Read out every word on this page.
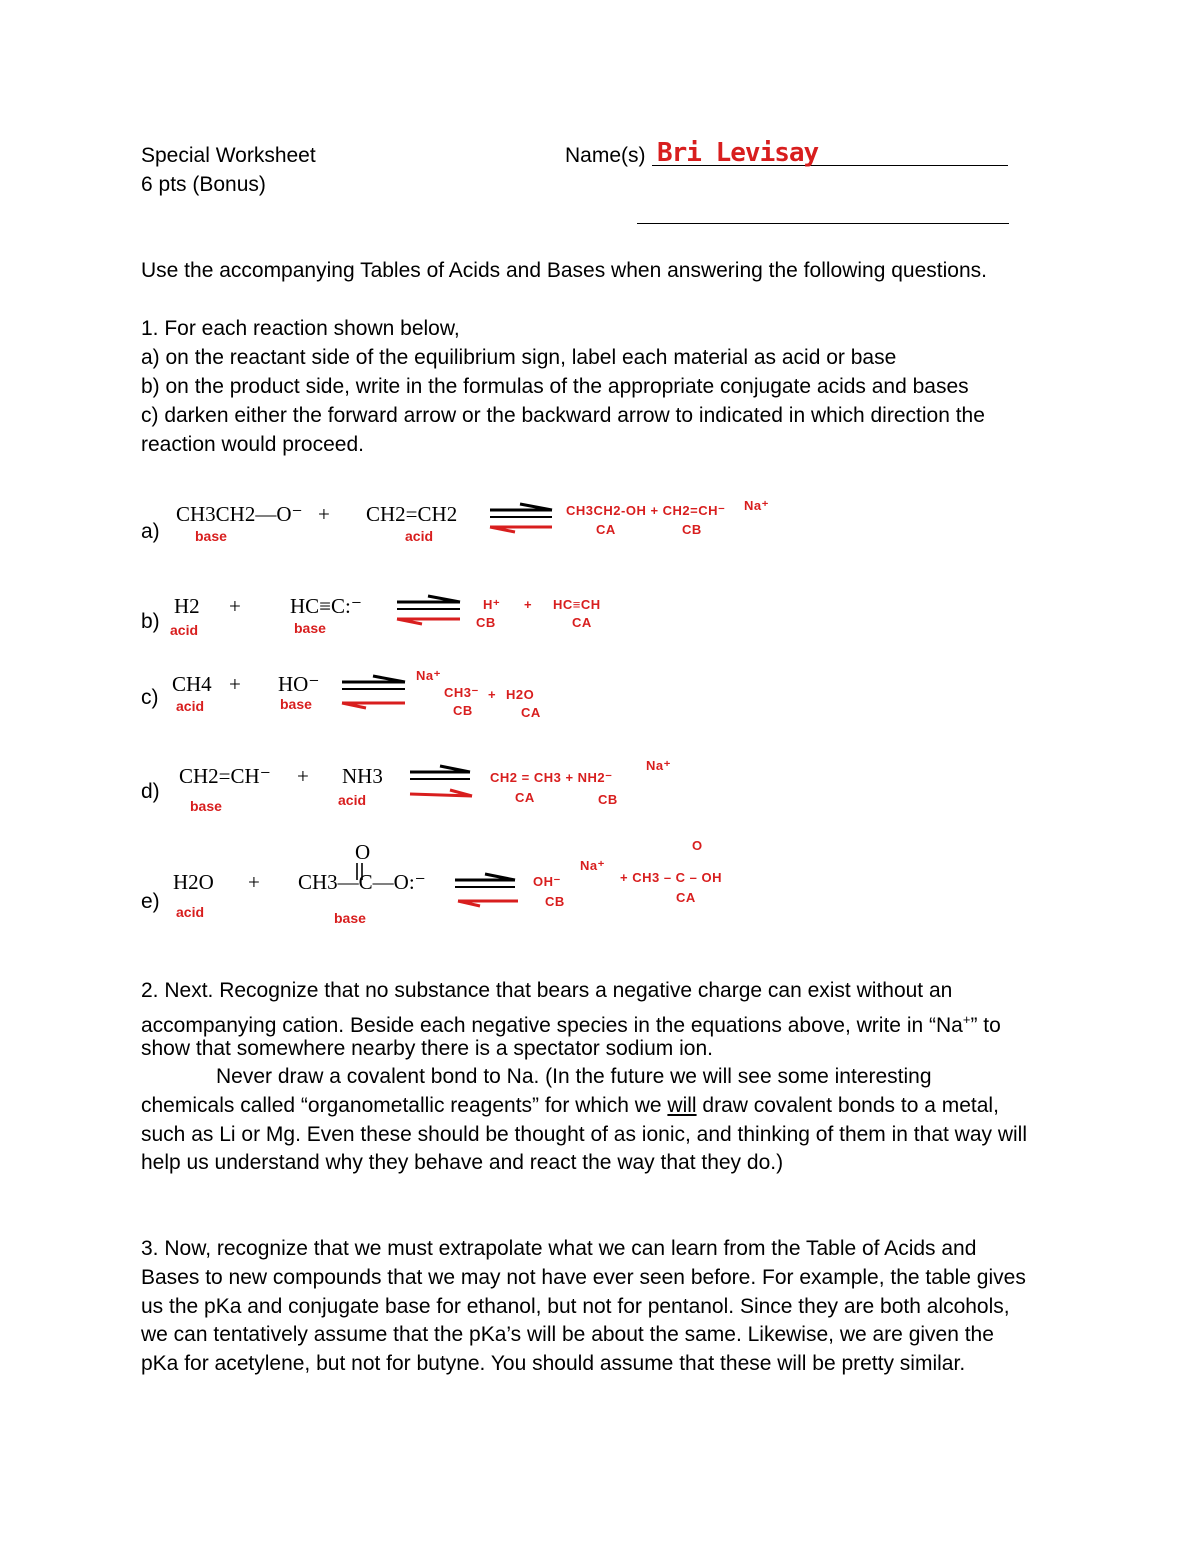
Special Worksheet
6 pts (Bonus)
Name(s) Bri Levisay
Use the accompanying Tables of Acids and Bases when answering the following questions.
1. For each reaction shown below,
a) on the reactant side of the equilibrium sign, label each material as acid or base
b) on the product side, write in the formulas of the appropriate conjugate acids and bases
c) darken either the forward arrow or the backward arrow to indicated in which direction the
reaction would proceed.
a)
CH3CH2—O⁻ + CH2=CH2
base	acid
CH3CH2-OH + CH2=CH⁻ Na⁺
CA	CB
b)
H2 + HC≡C:⁻
acid	base
H⁺ + HC≡CH
CB	CA
c)
CH4 + HO⁻
acid	base
Na⁺
CH3⁻ + H2O
CB	CA
d)
CH2=CH⁻ + NH3
base	acid
CH2 = CH3 + NH2⁻
Na⁺
CA	CB
e)
H2O +
O
CH3—C—O:⁻
acid	base
OH⁻
Na⁺
O
+ CH3 – C – OH
CB	CA
2. Next. Recognize that no substance that bears a negative charge can exist without an
accompanying cation. Beside each negative species in the equations above, write in “Na+” to
show that somewhere nearby there is a spectator sodium ion.
Never draw a covalent bond to Na. (In the future we will see some interesting
chemicals called “organometallic reagents” for which we will draw covalent bonds to a metal,
such as Li or Mg. Even these should be thought of as ionic, and thinking of them in that way will
help us understand why they behave and react the way that they do.)
3. Now, recognize that we must extrapolate what we can learn from the Table of Acids and
Bases to new compounds that we may not have ever seen before. For example, the table gives
us the pKa and conjugate base for ethanol, but not for pentanol. Since they are both alcohols,
we can tentatively assume that the pKa’s will be about the same. Likewise, we are given the
pKa for acetylene, but not for butyne. You should assume that these will be pretty similar.
